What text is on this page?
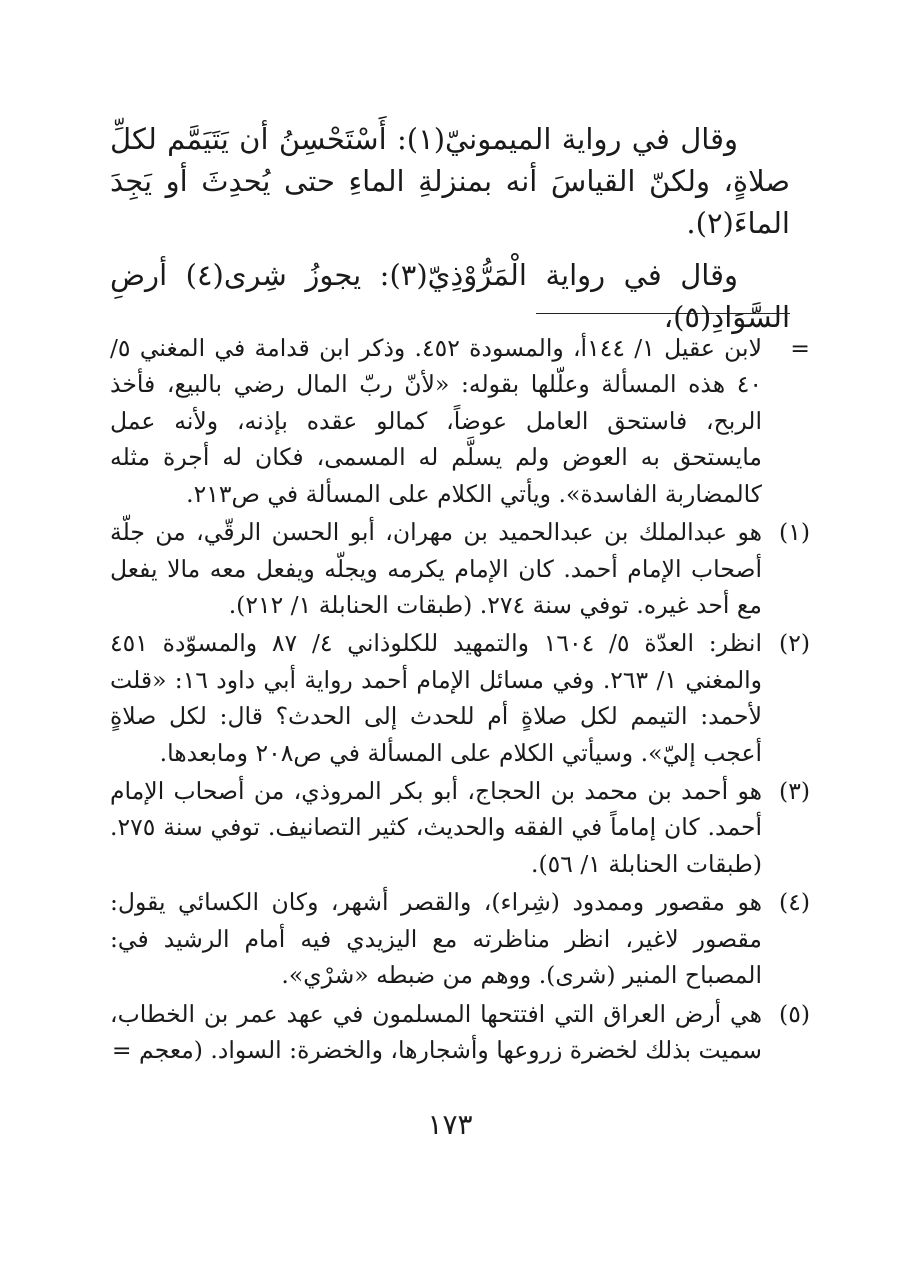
وقال في رواية الميمونيّ(١): أَسْتَحْسِنُ أن يَتَيَمَّم لكلِّ صلاةٍ، ولكنّ القياسَ أنه بمنزلةِ الماءِ حتى يُحدِثَ أو يَجِدَ الماءَ(٢).

وقال في رواية الْمَرُّوْذِيّ(٣): يجوزُ شِرى(٤) أرضِ السَّوَادِ(٥)،

=
لابن عقيل ١/ ١٤٤أ، والمسودة ٤٥٢. وذكر ابن قدامة في المغني ٥/ ٤٠ هذه المسألة وعلّلها بقوله: «لأنّ ربّ المال رضي بالبيع، فأخذ الربح، فاستحق العامل عوضاً، كمالو عقده بإذنه، ولأنه عمل مايستحق به العوض ولم يسلَّم له المسمى، فكان له أجرة مثله كالمضاربة الفاسدة». ويأتي الكلام على المسألة في ص٢١٣.
(١)
هو عبدالملك بن عبدالحميد بن مهران، أبو الحسن الرقّي، من جلّة أصحاب الإمام أحمد. كان الإمام يكرمه ويجلّه ويفعل معه مالا يفعل مع أحد غيره. توفي سنة ٢٧٤. (طبقات الحنابلة ١/ ٢١٢).
(٢)
انظر: العدّة ٥/ ١٦٠٤ والتمهيد للكلوذاني ٤/ ٨٧ والمسوّدة ٤٥١ والمغني ١/ ٢٦٣. وفي مسائل الإمام أحمد رواية أبي داود ١٦: «قلت لأحمد: التيمم لكل صلاةٍ أم للحدث إلى الحدث؟ قال: لكل صلاةٍ أعجب إليّ». وسيأتي الكلام على المسألة في ص٢٠٨ ومابعدها.
(٣)
هو أحمد بن محمد بن الحجاج، أبو بكر المروذي، من أصحاب الإمام أحمد. كان إماماً في الفقه والحديث، كثير التصانيف. توفي سنة ٢٧٥. (طبقات الحنابلة ١/ ٥٦).
(٤)
هو مقصور وممدود (شِراء)، والقصر أشهر، وكان الكسائي يقول: مقصور لاغير، انظر مناظرته مع اليزيدي فيه أمام الرشيد في: المصباح المنير (شرى). ووهم من ضبطه «شرْي».
(٥)
هي أرض العراق التي افتتحها المسلمون في عهد عمر بن الخطاب، سميت بذلك لخضرة زروعها وأشجارها، والخضرة: السواد. (معجم =
١٧٣
